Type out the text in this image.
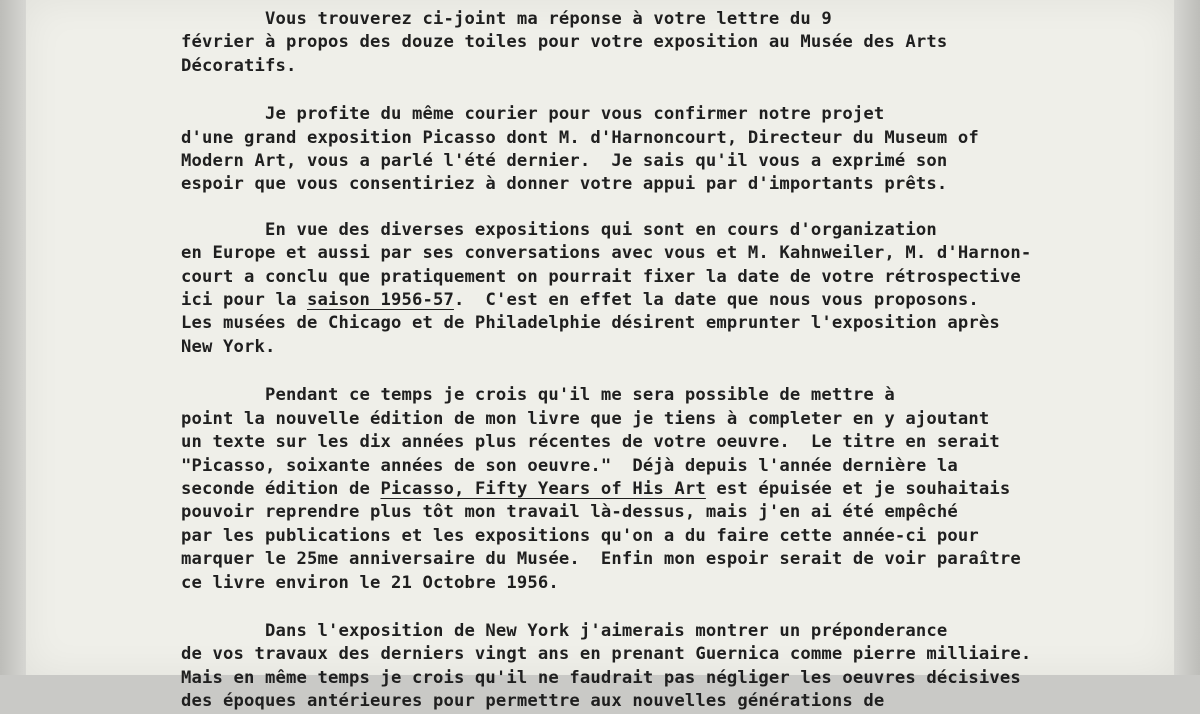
Vous trouverez ci-joint ma réponse à votre lettre du 9
février à propos des douze toiles pour votre exposition au Musée des Arts
Décoratifs.
Je profite du même courier pour vous confirmer notre projet
d'une grand exposition Picasso dont M. d'Harnoncourt, Directeur du Museum of
Modern Art, vous a parlé l'été dernier.  Je sais qu'il vous a exprimé son
espoir que vous consentiriez à donner votre appui par d'importants prêts.
En vue des diverses expositions qui sont en cours d'organization
en Europe et aussi par ses conversations avec vous et M. Kahnweiler, M. d'Harnon-
court a conclu que pratiquement on pourrait fixer la date de votre rétrospective
ici pour la saison 1956-57.  C'est en effet la date que nous vous proposons.
Les musées de Chicago et de Philadelphie désirent emprunter l'exposition après
New York.
Pendant ce temps je crois qu'il me sera possible de mettre à
point la nouvelle édition de mon livre que je tiens à completer en y ajoutant
un texte sur les dix années plus récentes de votre oeuvre.  Le titre en serait
"Picasso, soixante années de son oeuvre."  Déjà depuis l'année dernière la
seconde édition de Picasso, Fifty Years of His Art est épuisée et je souhaitais
pouvoir reprendre plus tôt mon travail là-dessus, mais j'en ai été empêché
par les publications et les expositions qu'on a du faire cette année-ci pour
marquer le 25me anniversaire du Musée.  Enfin mon espoir serait de voir paraître
ce livre environ le 21 Octobre 1956.
Dans l'exposition de New York j'aimerais montrer un préponderance
de vos travaux des derniers vingt ans en prenant Guernica comme pierre milliaire.
Mais en même temps je crois qu'il ne faudrait pas négliger les oeuvres décisives
des époques antérieures pour permettre aux nouvelles générations de
